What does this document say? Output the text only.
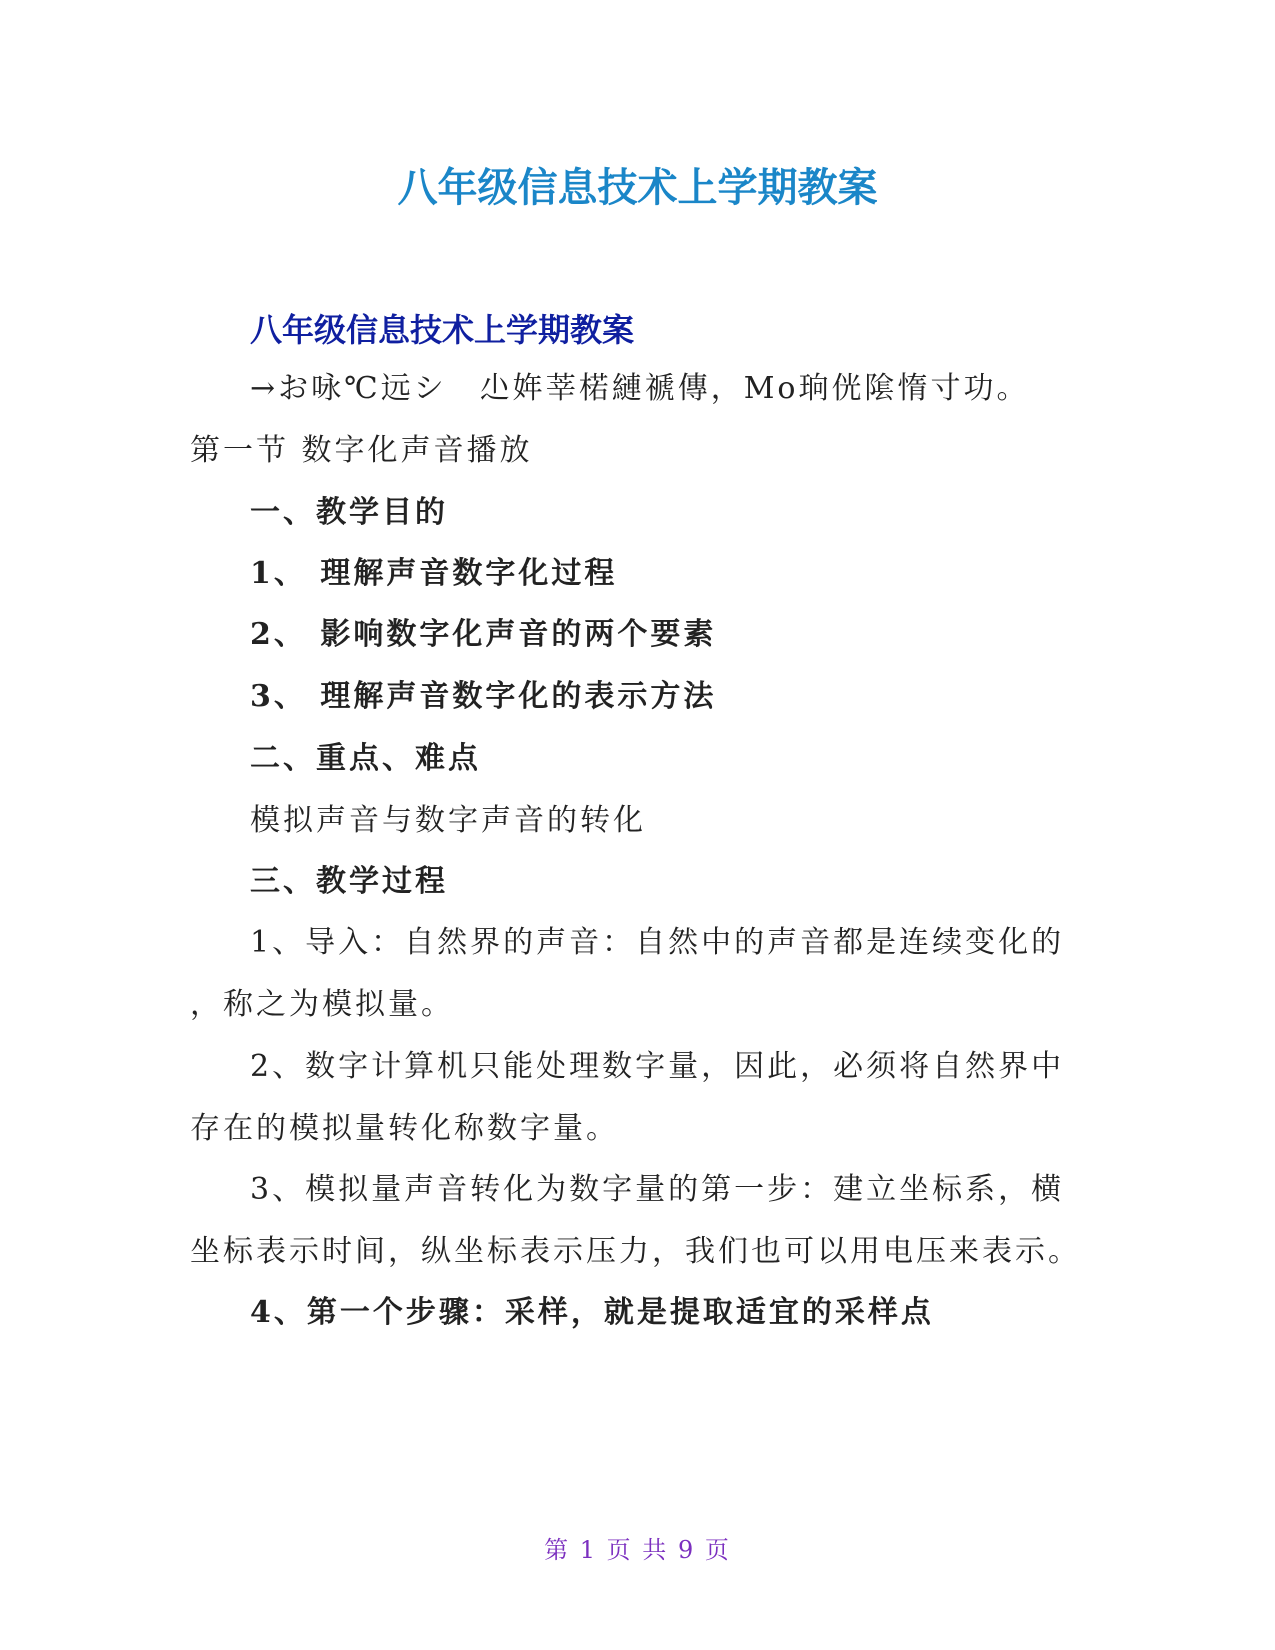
八年级信息技术上学期教案
八年级信息技术上学期教案
→お咏℃远シ　尐姩莘楉縺禠傳，Mo珦侊隂惰寸功。
第一节 数字化声音播放
一、教学目的
1、 理解声音数字化过程
2、 影响数字化声音的两个要素
3、 理解声音数字化的表示方法
二、重点、难点
模拟声音与数字声音的转化
三、教学过程
1、导入：自然界的声音：自然中的声音都是连续变化的
，称之为模拟量。
2、数字计算机只能处理数字量，因此，必须将自然界中
存在的模拟量转化称数字量。
3、模拟量声音转化为数字量的第一步：建立坐标系，横
坐标表示时间，纵坐标表示压力，我们也可以用电压来表示。
4、第一个步骤：采样，就是提取适宜的采样点
第 1 页 共 9 页
